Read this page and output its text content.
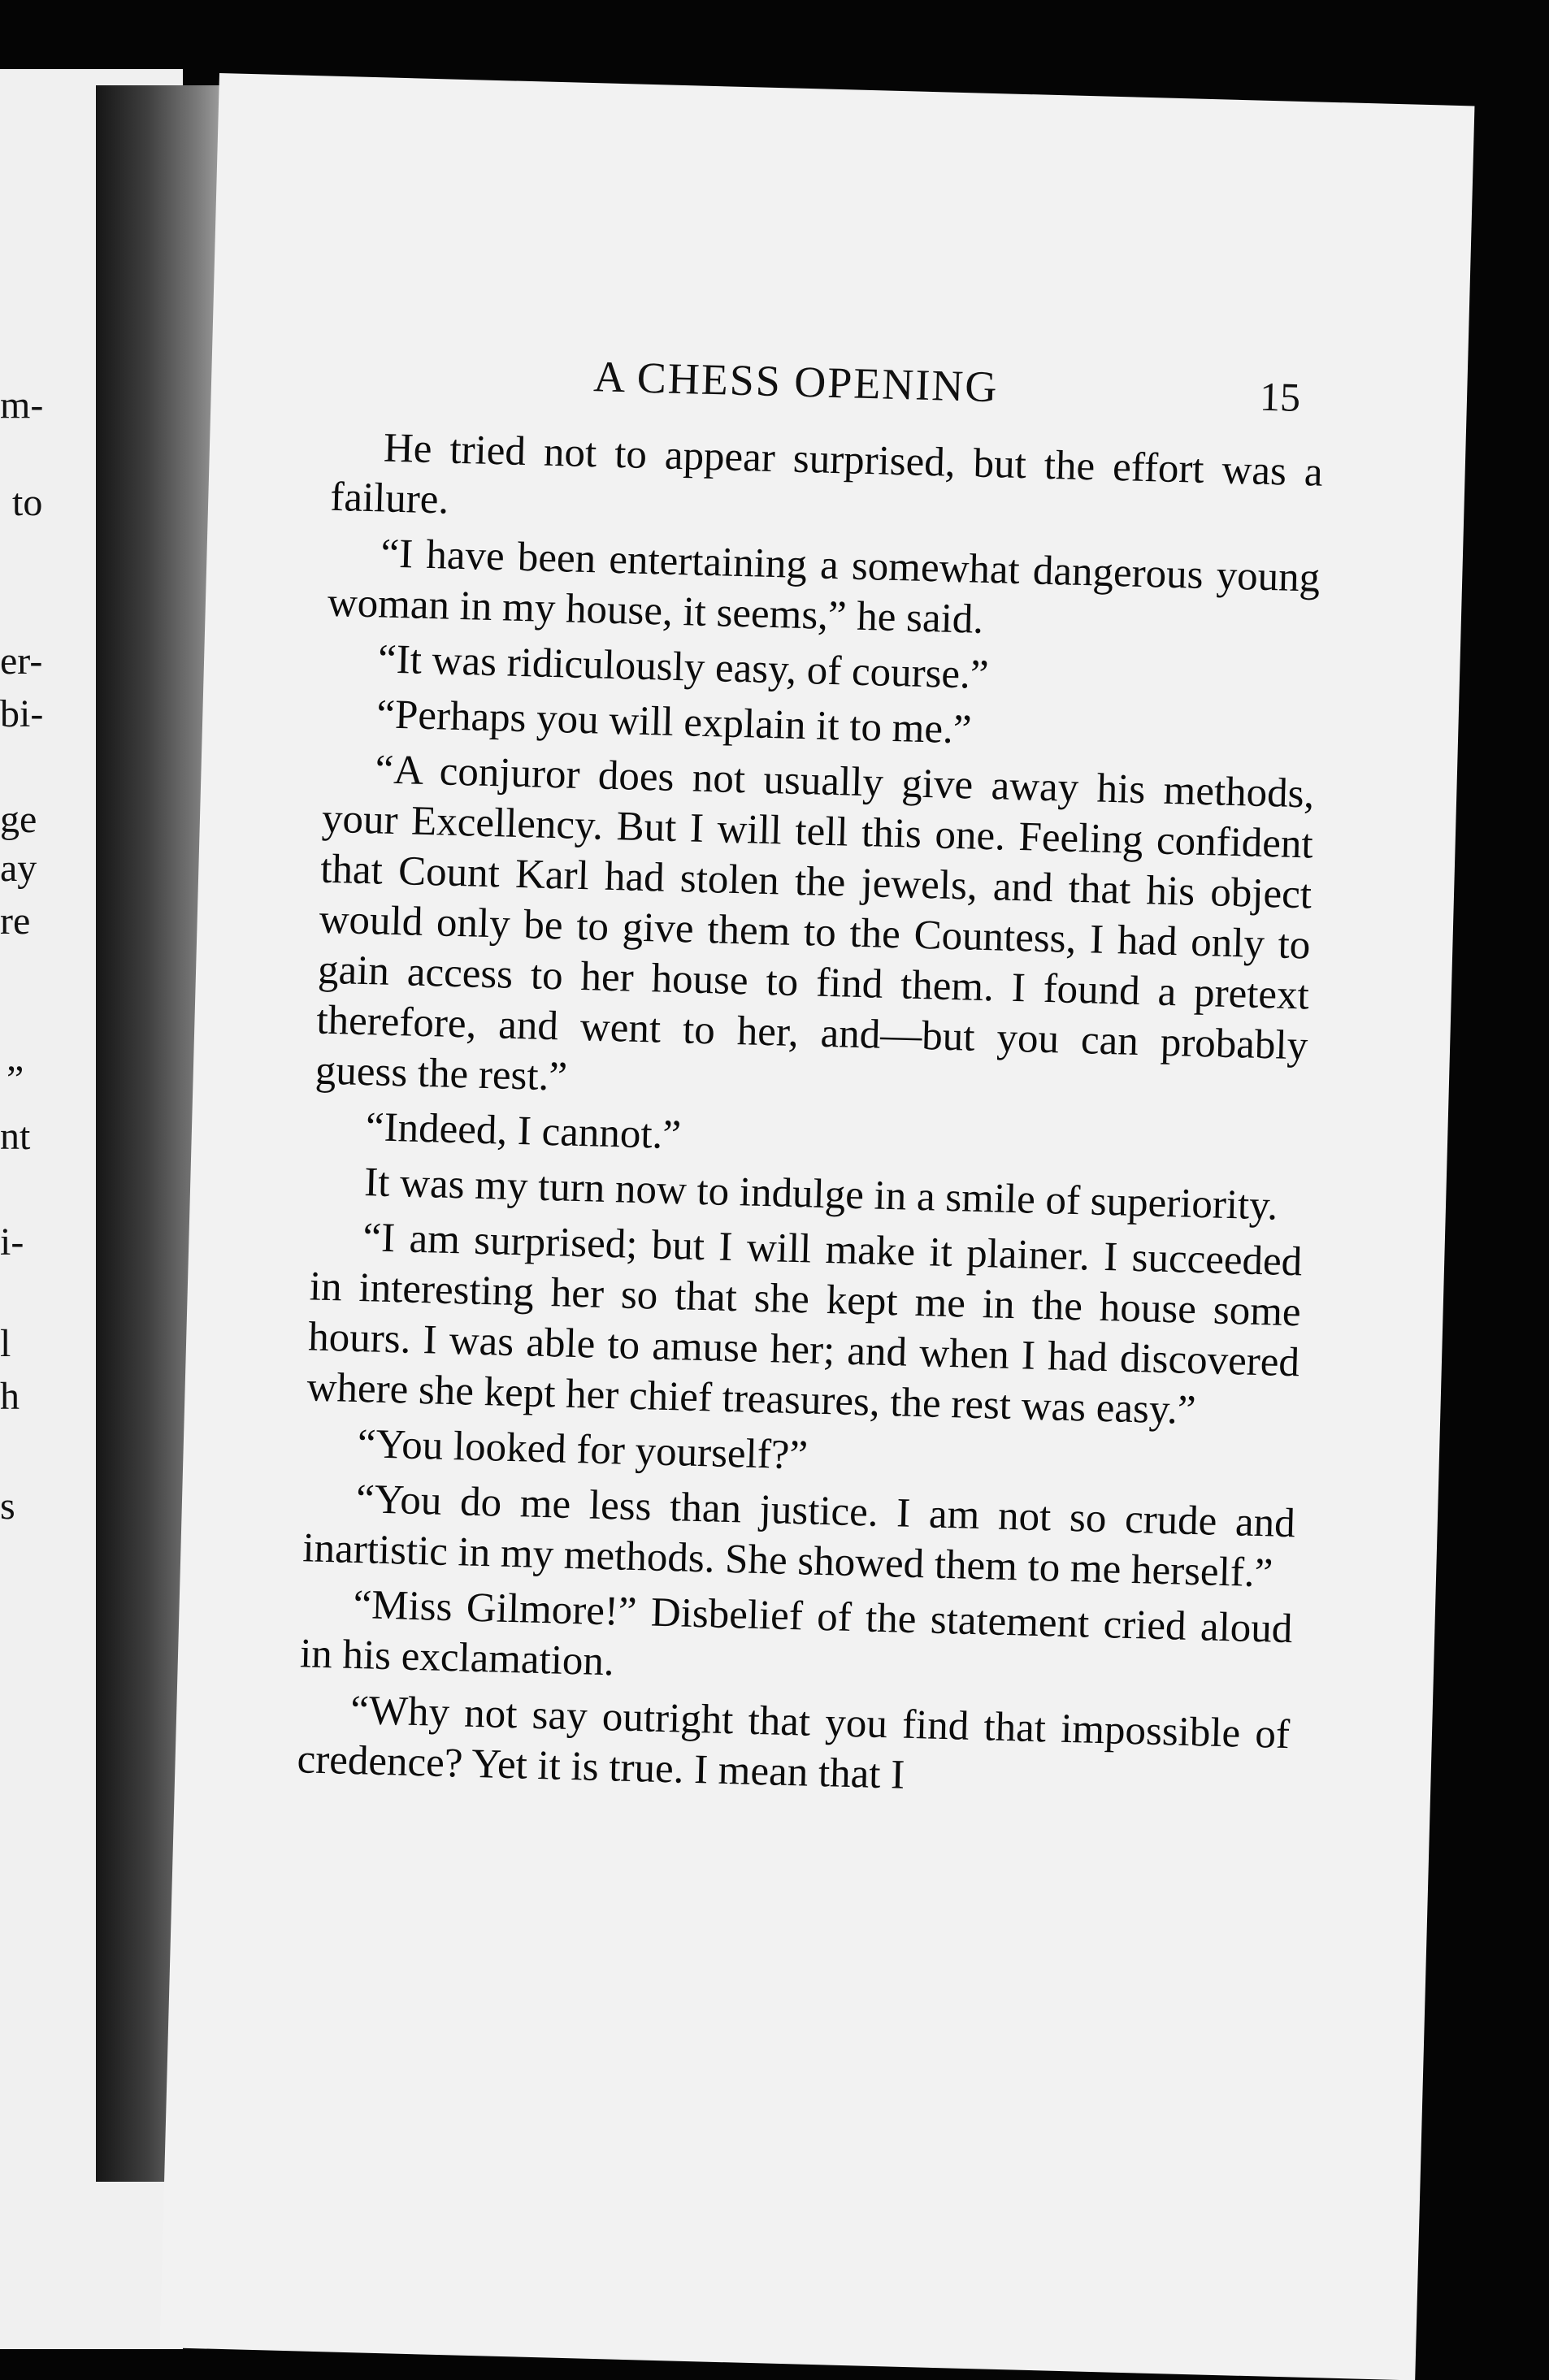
m-

to

er-

bi-

ge

ay

re

”

nt

i-

l

h

s

A CHESS OPENING	15

He tried not to appear surprised, but the effort was a failure.

“I have been entertaining a somewhat dangerous young woman in my house, it seems,” he said.

“It was ridiculously easy, of course.”

“Perhaps you will explain it to me.”

“A conjuror does not usually give away his methods, your Excellency. But I will tell this one. Feeling confident that Count Karl had stolen the jewels, and that his object would only be to give them to the Countess, I had only to gain access to her house to find them. I found a pretext therefore, and went to her, and—but you can probably guess the rest.”

“Indeed, I cannot.”

It was my turn now to indulge in a smile of superiority.

“I am surprised; but I will make it plainer. I succeeded in interesting her so that she kept me in the house some hours. I was able to amuse her; and when I had discovered where she kept her chief treasures, the rest was easy.”

“You looked for yourself?”

“You do me less than justice. I am not so crude and inartistic in my methods. She showed them to me herself.”

“Miss Gilmore!” Disbelief of the statement cried aloud in his exclamation.

“Why not say outright that you find that impossible of credence? Yet it is true. I mean that I
